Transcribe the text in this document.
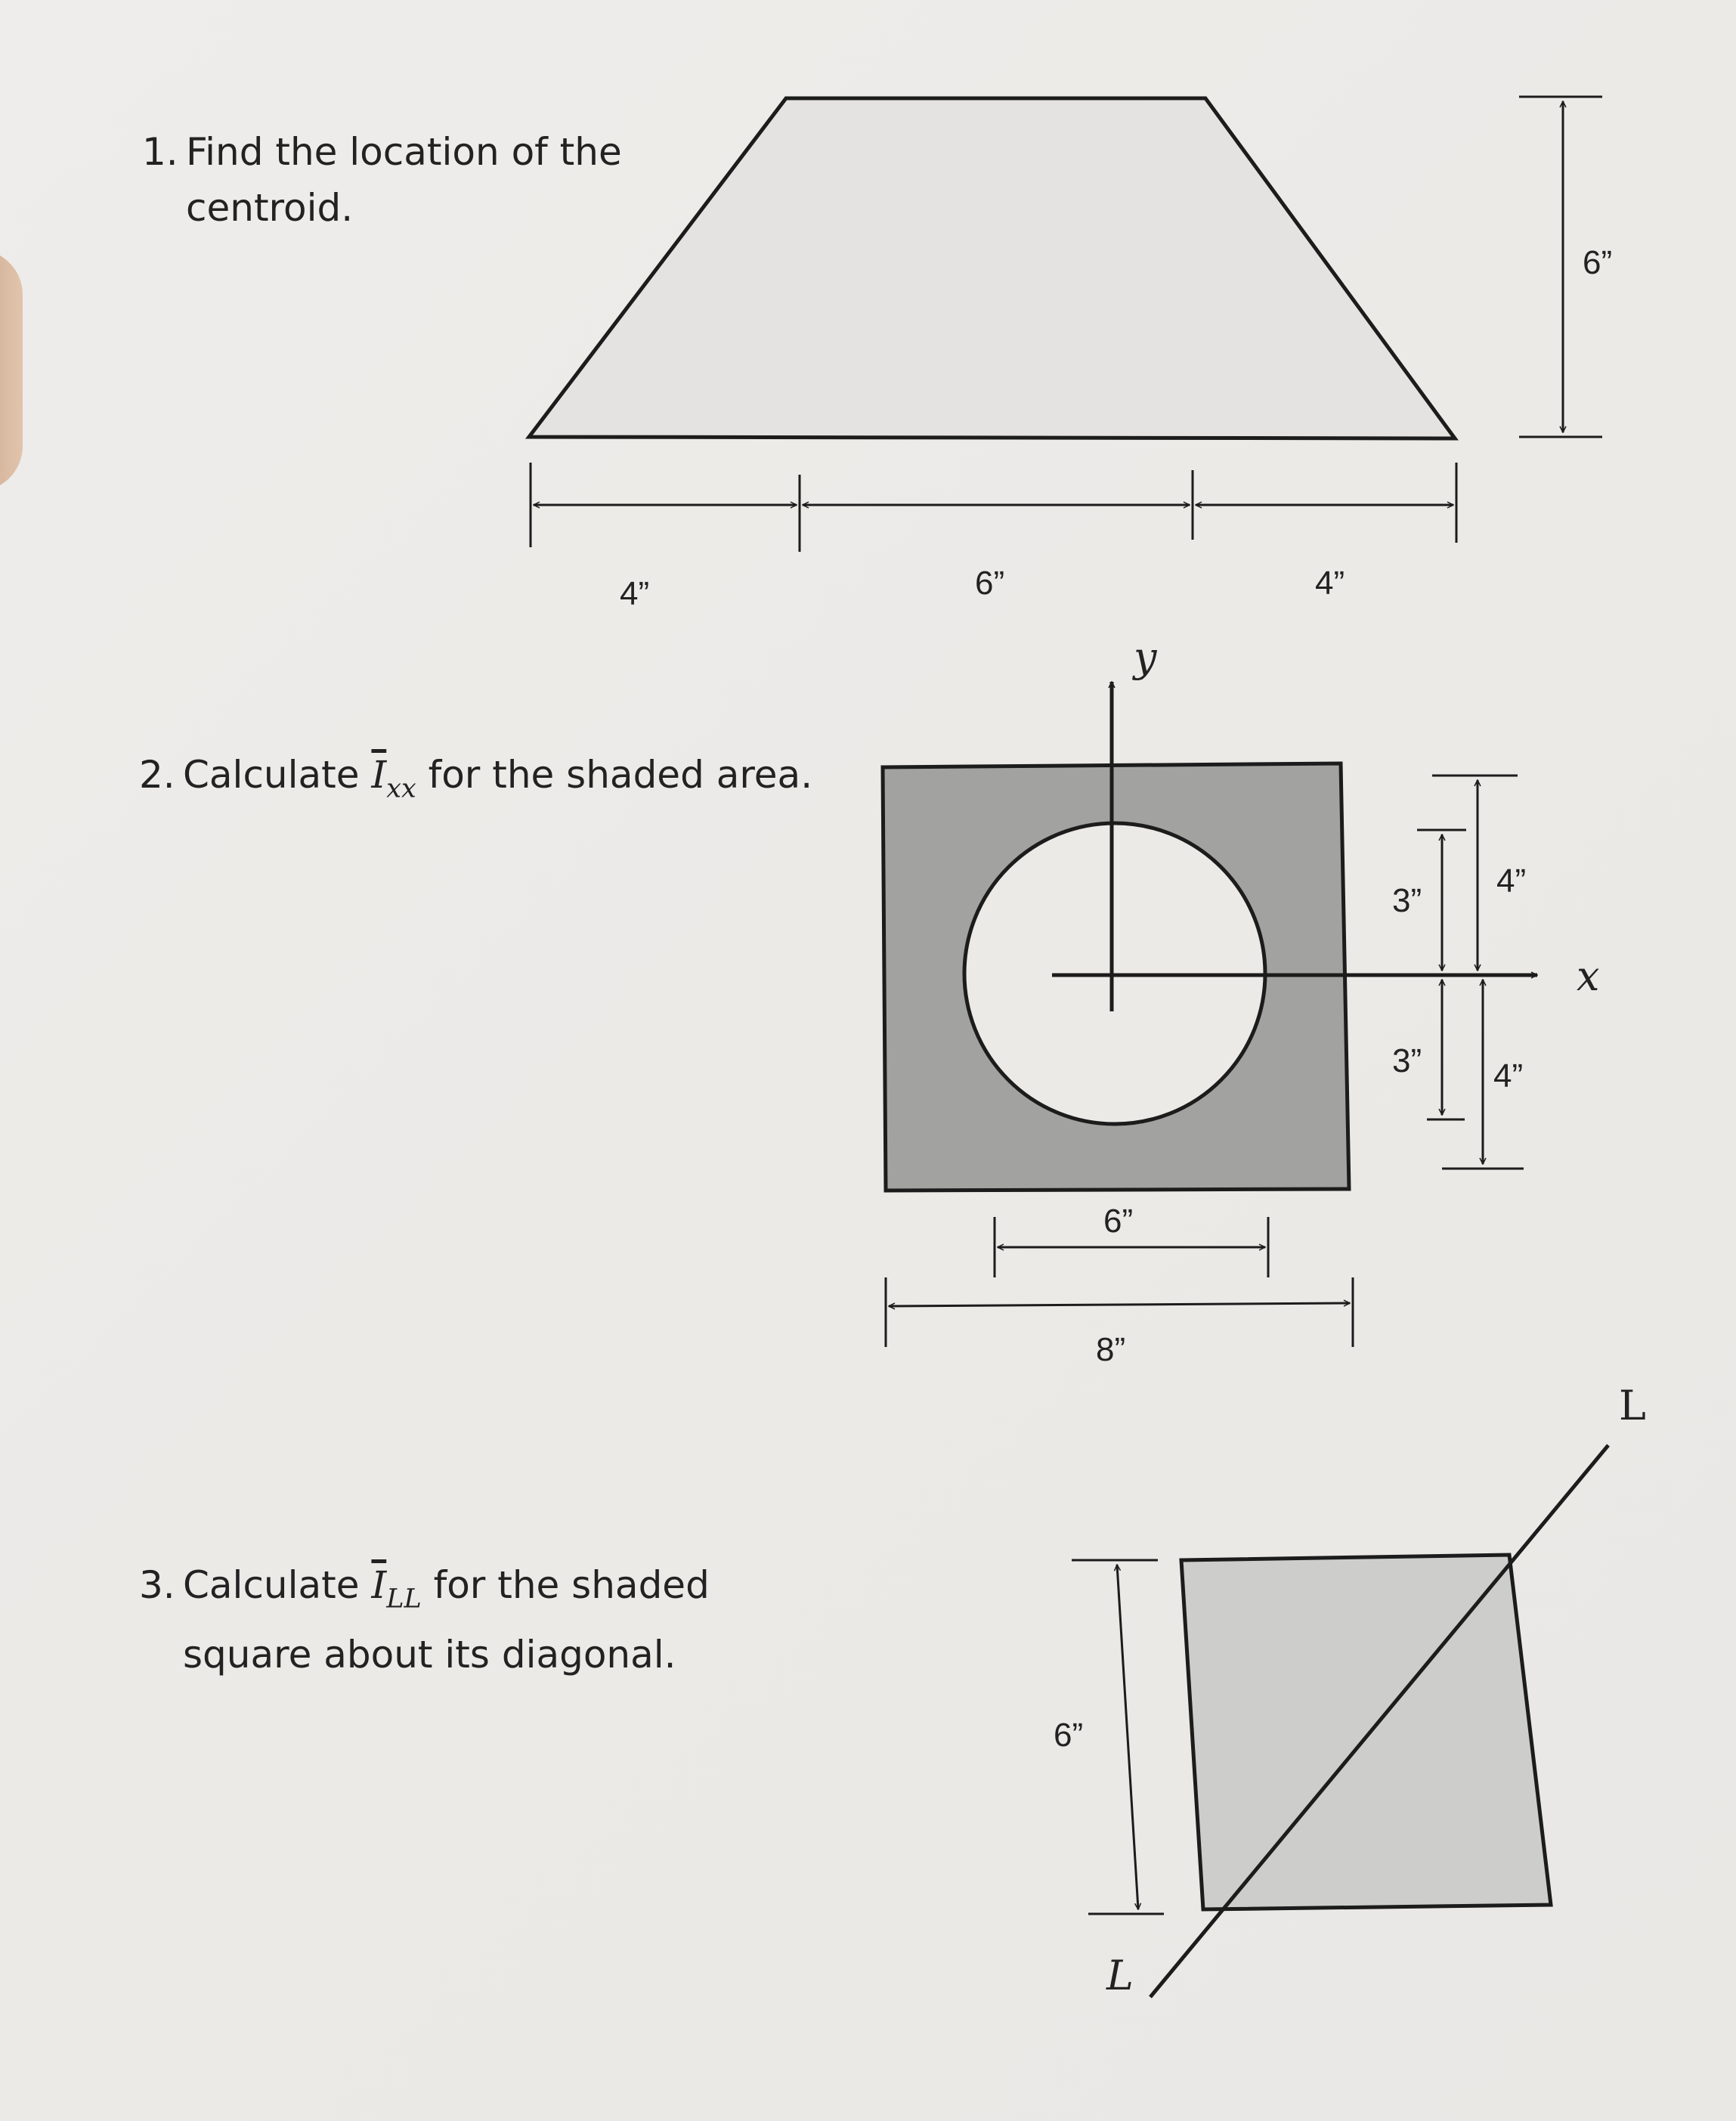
1. Find the location of the
centroid.
2. Calculate $\overline{I}_{xx}$ for the shaded area.
3. Calculate $\overline{I}_{LL}$ for the shaded
square about its diagonal.
4”	6”	4”
6”
y
x
3”
4”
3” 4”
6”
8”
6”
L
L
